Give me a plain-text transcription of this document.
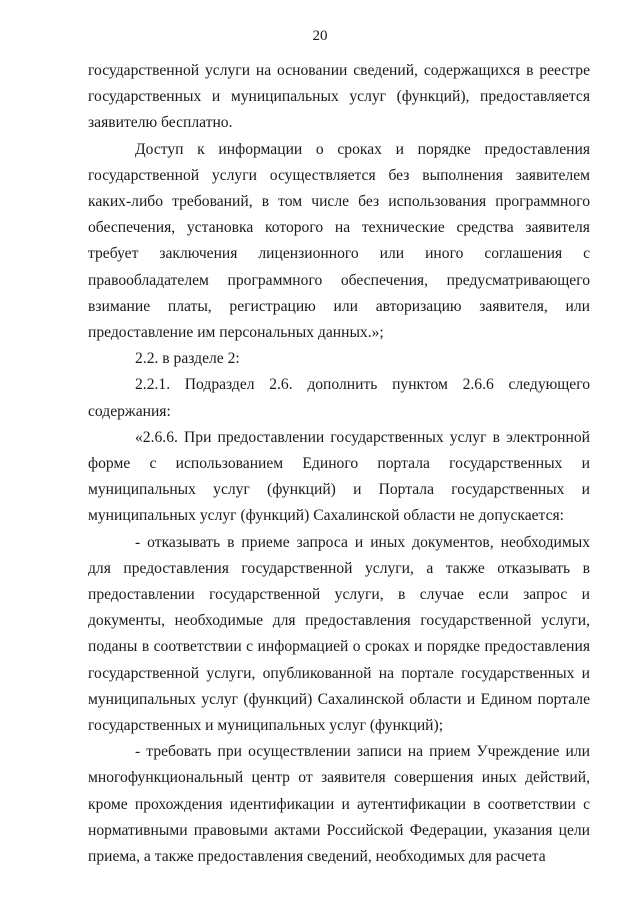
20

государственной услуги на основании сведений, содержащихся в реестре государственных и муниципальных услуг (функций), предоставляется заявителю бесплатно.

Доступ к информации о сроках и порядке предоставления государственной услуги осуществляется без выполнения заявителем каких-либо требований, в том числе без использования программного обеспечения, установка которого на технические средства заявителя требует заключения лицензионного или иного соглашения с правообладателем программного обеспечения, предусматривающего взимание платы, регистрацию или авторизацию заявителя, или предоставление им персональных данных.»;

2.2. в разделе 2:

2.2.1. Подраздел 2.6. дополнить пунктом 2.6.6 следующего содержания:

«2.6.6. При предоставлении государственных услуг в электронной форме с использованием Единого портала государственных и муниципальных услуг (функций) и Портала государственных и муниципальных услуг (функций) Сахалинской области не допускается:

- отказывать в приеме запроса и иных документов, необходимых для предоставления государственной услуги, а также отказывать в предоставлении государственной услуги, в случае если запрос и документы, необходимые для предоставления государственной услуги, поданы в соответствии с информацией о сроках и порядке предоставления государственной услуги, опубликованной на портале государственных и муниципальных услуг (функций) Сахалинской области и Едином портале государственных и муниципальных услуг (функций);

- требовать при осуществлении записи на прием Учреждение или многофункциональный центр от заявителя совершения иных действий, кроме прохождения идентификации и аутентификации в соответствии с нормативными правовыми актами Российской Федерации, указания цели приема, а также предоставления сведений, необходимых для расчета
